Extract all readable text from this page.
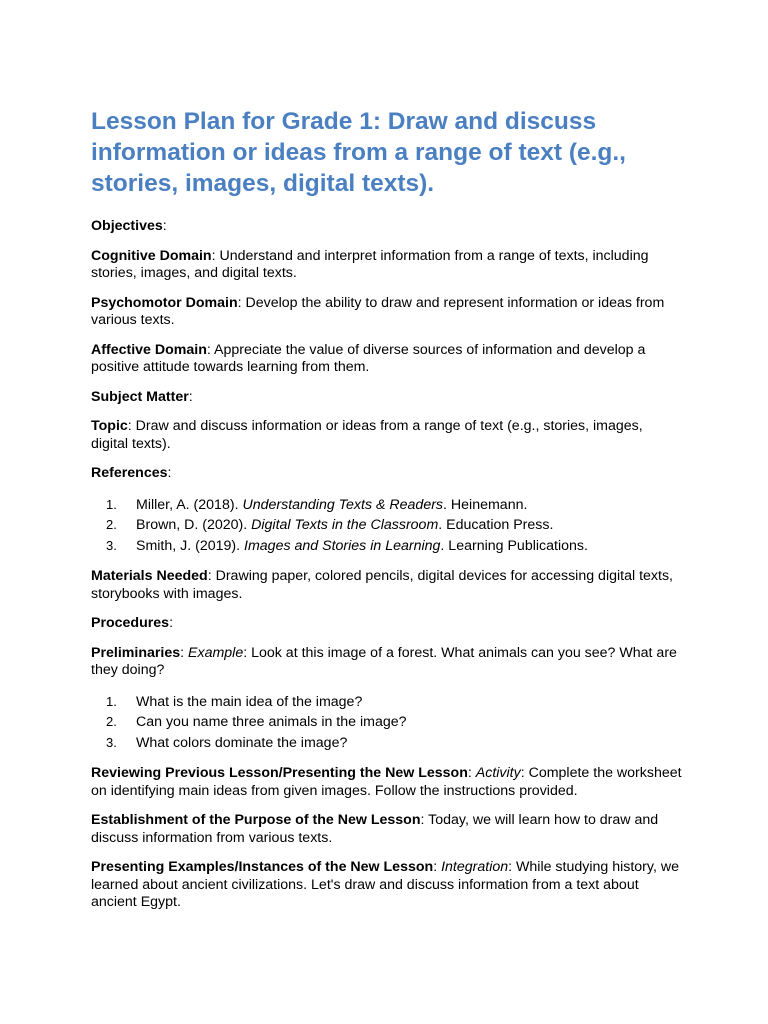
Lesson Plan for Grade 1: Draw and discuss information or ideas from a range of text (e.g., stories, images, digital texts).

Objectives:

Cognitive Domain: Understand and interpret information from a range of texts, including stories, images, and digital texts.

Psychomotor Domain: Develop the ability to draw and represent information or ideas from various texts.

Affective Domain: Appreciate the value of diverse sources of information and develop a positive attitude towards learning from them.

Subject Matter:

Topic: Draw and discuss information or ideas from a range of text (e.g., stories, images, digital texts).

References:

1. Miller, A. (2018). Understanding Texts & Readers. Heinemann.
2. Brown, D. (2020). Digital Texts in the Classroom. Education Press.
3. Smith, J. (2019). Images and Stories in Learning. Learning Publications.

Materials Needed: Drawing paper, colored pencils, digital devices for accessing digital texts, storybooks with images.

Procedures:

Preliminaries: Example: Look at this image of a forest. What animals can you see? What are they doing?

1. What is the main idea of the image?
2. Can you name three animals in the image?
3. What colors dominate the image?

Reviewing Previous Lesson/Presenting the New Lesson: Activity: Complete the worksheet on identifying main ideas from given images. Follow the instructions provided.

Establishment of the Purpose of the New Lesson: Today, we will learn how to draw and discuss information from various texts.

Presenting Examples/Instances of the New Lesson: Integration: While studying history, we learned about ancient civilizations. Let's draw and discuss information from a text about ancient Egypt.
